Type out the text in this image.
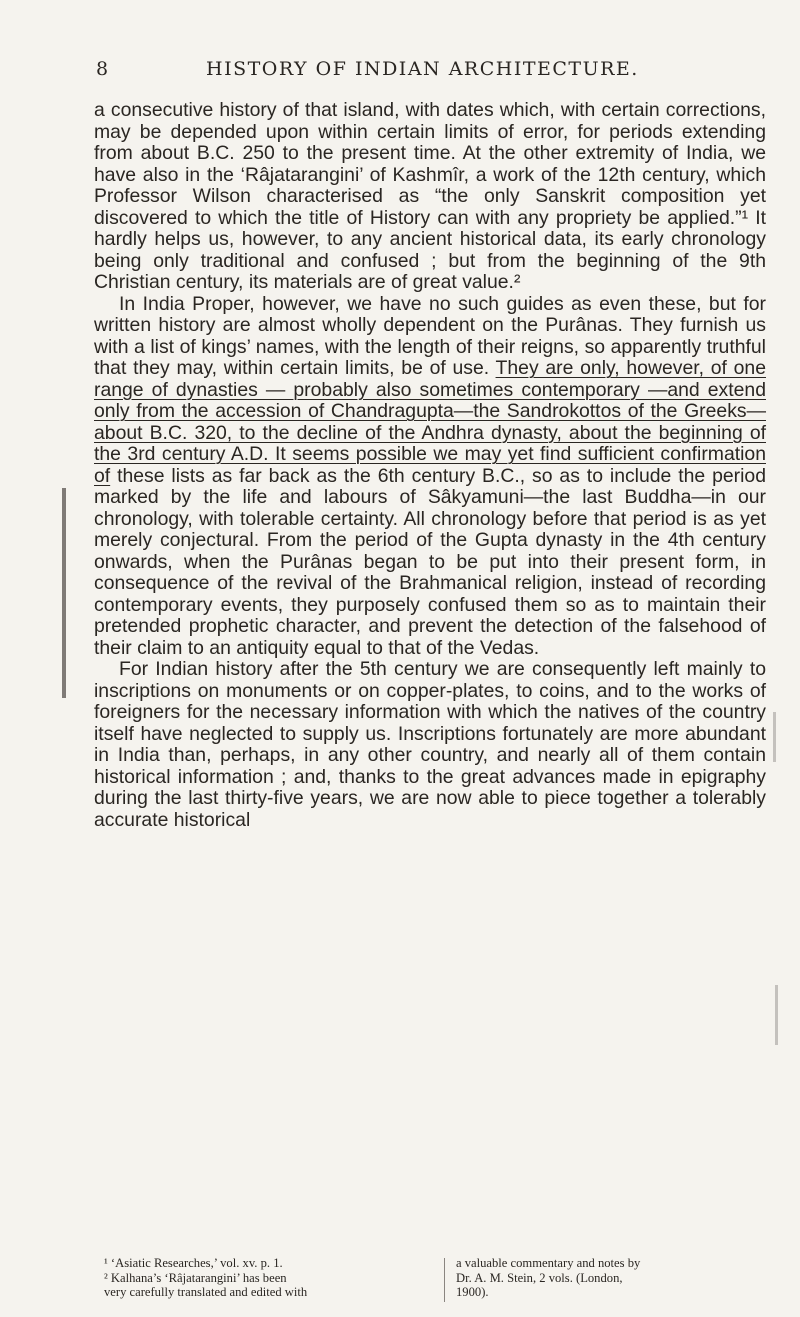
8	HISTORY OF INDIAN ARCHITECTURE.

a consecutive history of that island, with dates which, with certain corrections, may be depended upon within certain limits of error, for periods extending from about B.C. 250 to the present time. At the other extremity of India, we have also in the ‘Râjatarangini’ of Kashmîr, a work of the 12th century, which Professor Wilson characterised as “the only Sanskrit composition yet discovered to which the title of History can with any propriety be applied.”¹ It hardly helps us, however, to any ancient historical data, its early chronology being only traditional and confused ; but from the beginning of the 9th Christian century, its materials are of great value.²

In India Proper, however, we have no such guides as even these, but for written history are almost wholly dependent on the Purânas. They furnish us with a list of kings’ names, with the length of their reigns, so apparently truthful that they may, within certain limits, be of use. They are only, however, of one range of dynasties — probably also sometimes contemporary —and extend only from the accession of Chandragupta—the Sandrokottos of the Greeks—about B.C. 320, to the decline of the Andhra dynasty, about the beginning of the 3rd century A.D. It seems possible we may yet find sufficient confirmation of these lists as far back as the 6th century B.C., so as to include the period marked by the life and labours of Sâkyamuni—the last Buddha—in our chronology, with tolerable certainty. All chronology before that period is as yet merely conjectural. From the period of the Gupta dynasty in the 4th century onwards, when the Purânas began to be put into their present form, in consequence of the revival of the Brahmanical religion, instead of recording contemporary events, they purposely confused them so as to maintain their pretended prophetic character, and prevent the detection of the falsehood of their claim to an antiquity equal to that of the Vedas.

For Indian history after the 5th century we are consequently left mainly to inscriptions on monuments or on copper-plates, to coins, and to the works of foreigners for the necessary information with which the natives of the country itself have neglected to supply us. Inscriptions fortunately are more abundant in India than, perhaps, in any other country, and nearly all of them contain historical information ; and, thanks to the great advances made in epigraphy during the last thirty-five years, we are now able to piece together a tolerably accurate historical

¹ ‘Asiatic Researches,’ vol. xv. p. 1.
² Kalhana’s ‘Râjatarangini’ has been
very carefully translated and edited with
a valuable commentary and notes by
Dr. A. M. Stein, 2 vols. (London,
1900).
